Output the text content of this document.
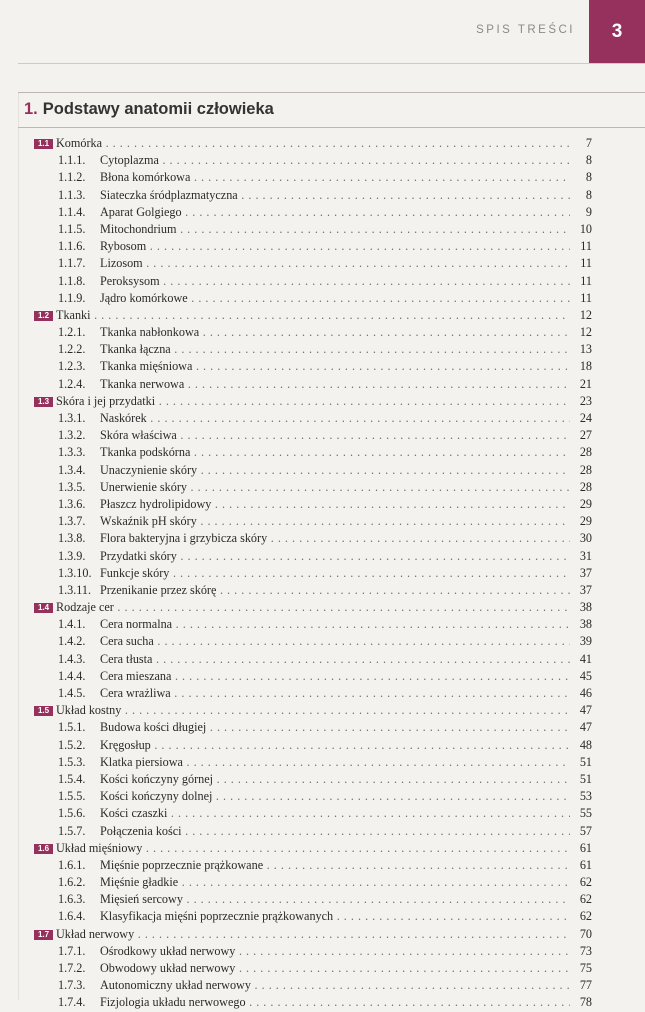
SPIS TREŚCI 3
1. Podstawy anatomii człowieka
1.1 Komórka . . .	7
1.1.1. Cytoplazma . . .	8
1.1.2. Błona komórkowa . . .	8
1.1.3. Siateczka śródplazmatyczna . . .	8
1.1.4. Aparat Golgiego . . .	9
1.1.5. Mitochondrium . . .	10
1.1.6. Rybosom . . .	11
1.1.7. Lizosom . . .	11
1.1.8. Peroksysom . . .	11
1.1.9. Jądro komórkowe . . .	11
1.2 Tkanki . . .	12
1.2.1. Tkanka nabłonkowa . . .	12
1.2.2. Tkanka łączna . . .	13
1.2.3. Tkanka mięśniowa . . .	18
1.2.4. Tkanka nerwowa . . .	21
1.3 Skóra i jej przydatki . . .	23
1.3.1. Naskórek . . .	24
1.3.2. Skóra właściwa . . .	27
1.3.3. Tkanka podskórna . . .	28
1.3.4. Unaczynienie skóry . . .	28
1.3.5. Unerwienie skóry . . .	28
1.3.6. Płaszcz hydrolipidowy . . .	29
1.3.7. Wskaźnik pH skóry . . .	29
1.3.8. Flora bakteryjna i grzybicza skóry . . .	30
1.3.9. Przydatki skóry . . .	31
1.3.10. Funkcje skóry . . .	37
1.3.11. Przenikanie przez skórę . . .	37
1.4 Rodzaje cer . . .	38
1.4.1. Cera normalna . . .	38
1.4.2. Cera sucha . . .	39
1.4.3. Cera tłusta . . .	41
1.4.4. Cera mieszana . . .	45
1.4.5. Cera wrażliwa . . .	46
1.5 Układ kostny . . .	47
1.5.1. Budowa kości długiej . . .	47
1.5.2. Kręgosłup . . .	48
1.5.3. Klatka piersiowa . . .	51
1.5.4. Kości kończyny górnej . . .	51
1.5.5. Kości kończyny dolnej . . .	53
1.5.6. Kości czaszki . . .	55
1.5.7. Połączenia kości . . .	57
1.6 Układ mięśniowy . . .	61
1.6.1. Mięśnie poprzecznie prążkowane . . .	61
1.6.2. Mięśnie gładkie . . .	62
1.6.3. Mięsień sercowy . . .	62
1.6.4. Klasyfikacja mięśni poprzecznie prążkowanych . . .	62
1.7 Układ nerwowy . . .	70
1.7.1. Ośrodkowy układ nerwowy . . .	73
1.7.2. Obwodowy układ nerwowy . . .	75
1.7.3. Autonomiczny układ nerwowy . . .	77
1.7.4. Fizjologia układu nerwowego . . .	78
